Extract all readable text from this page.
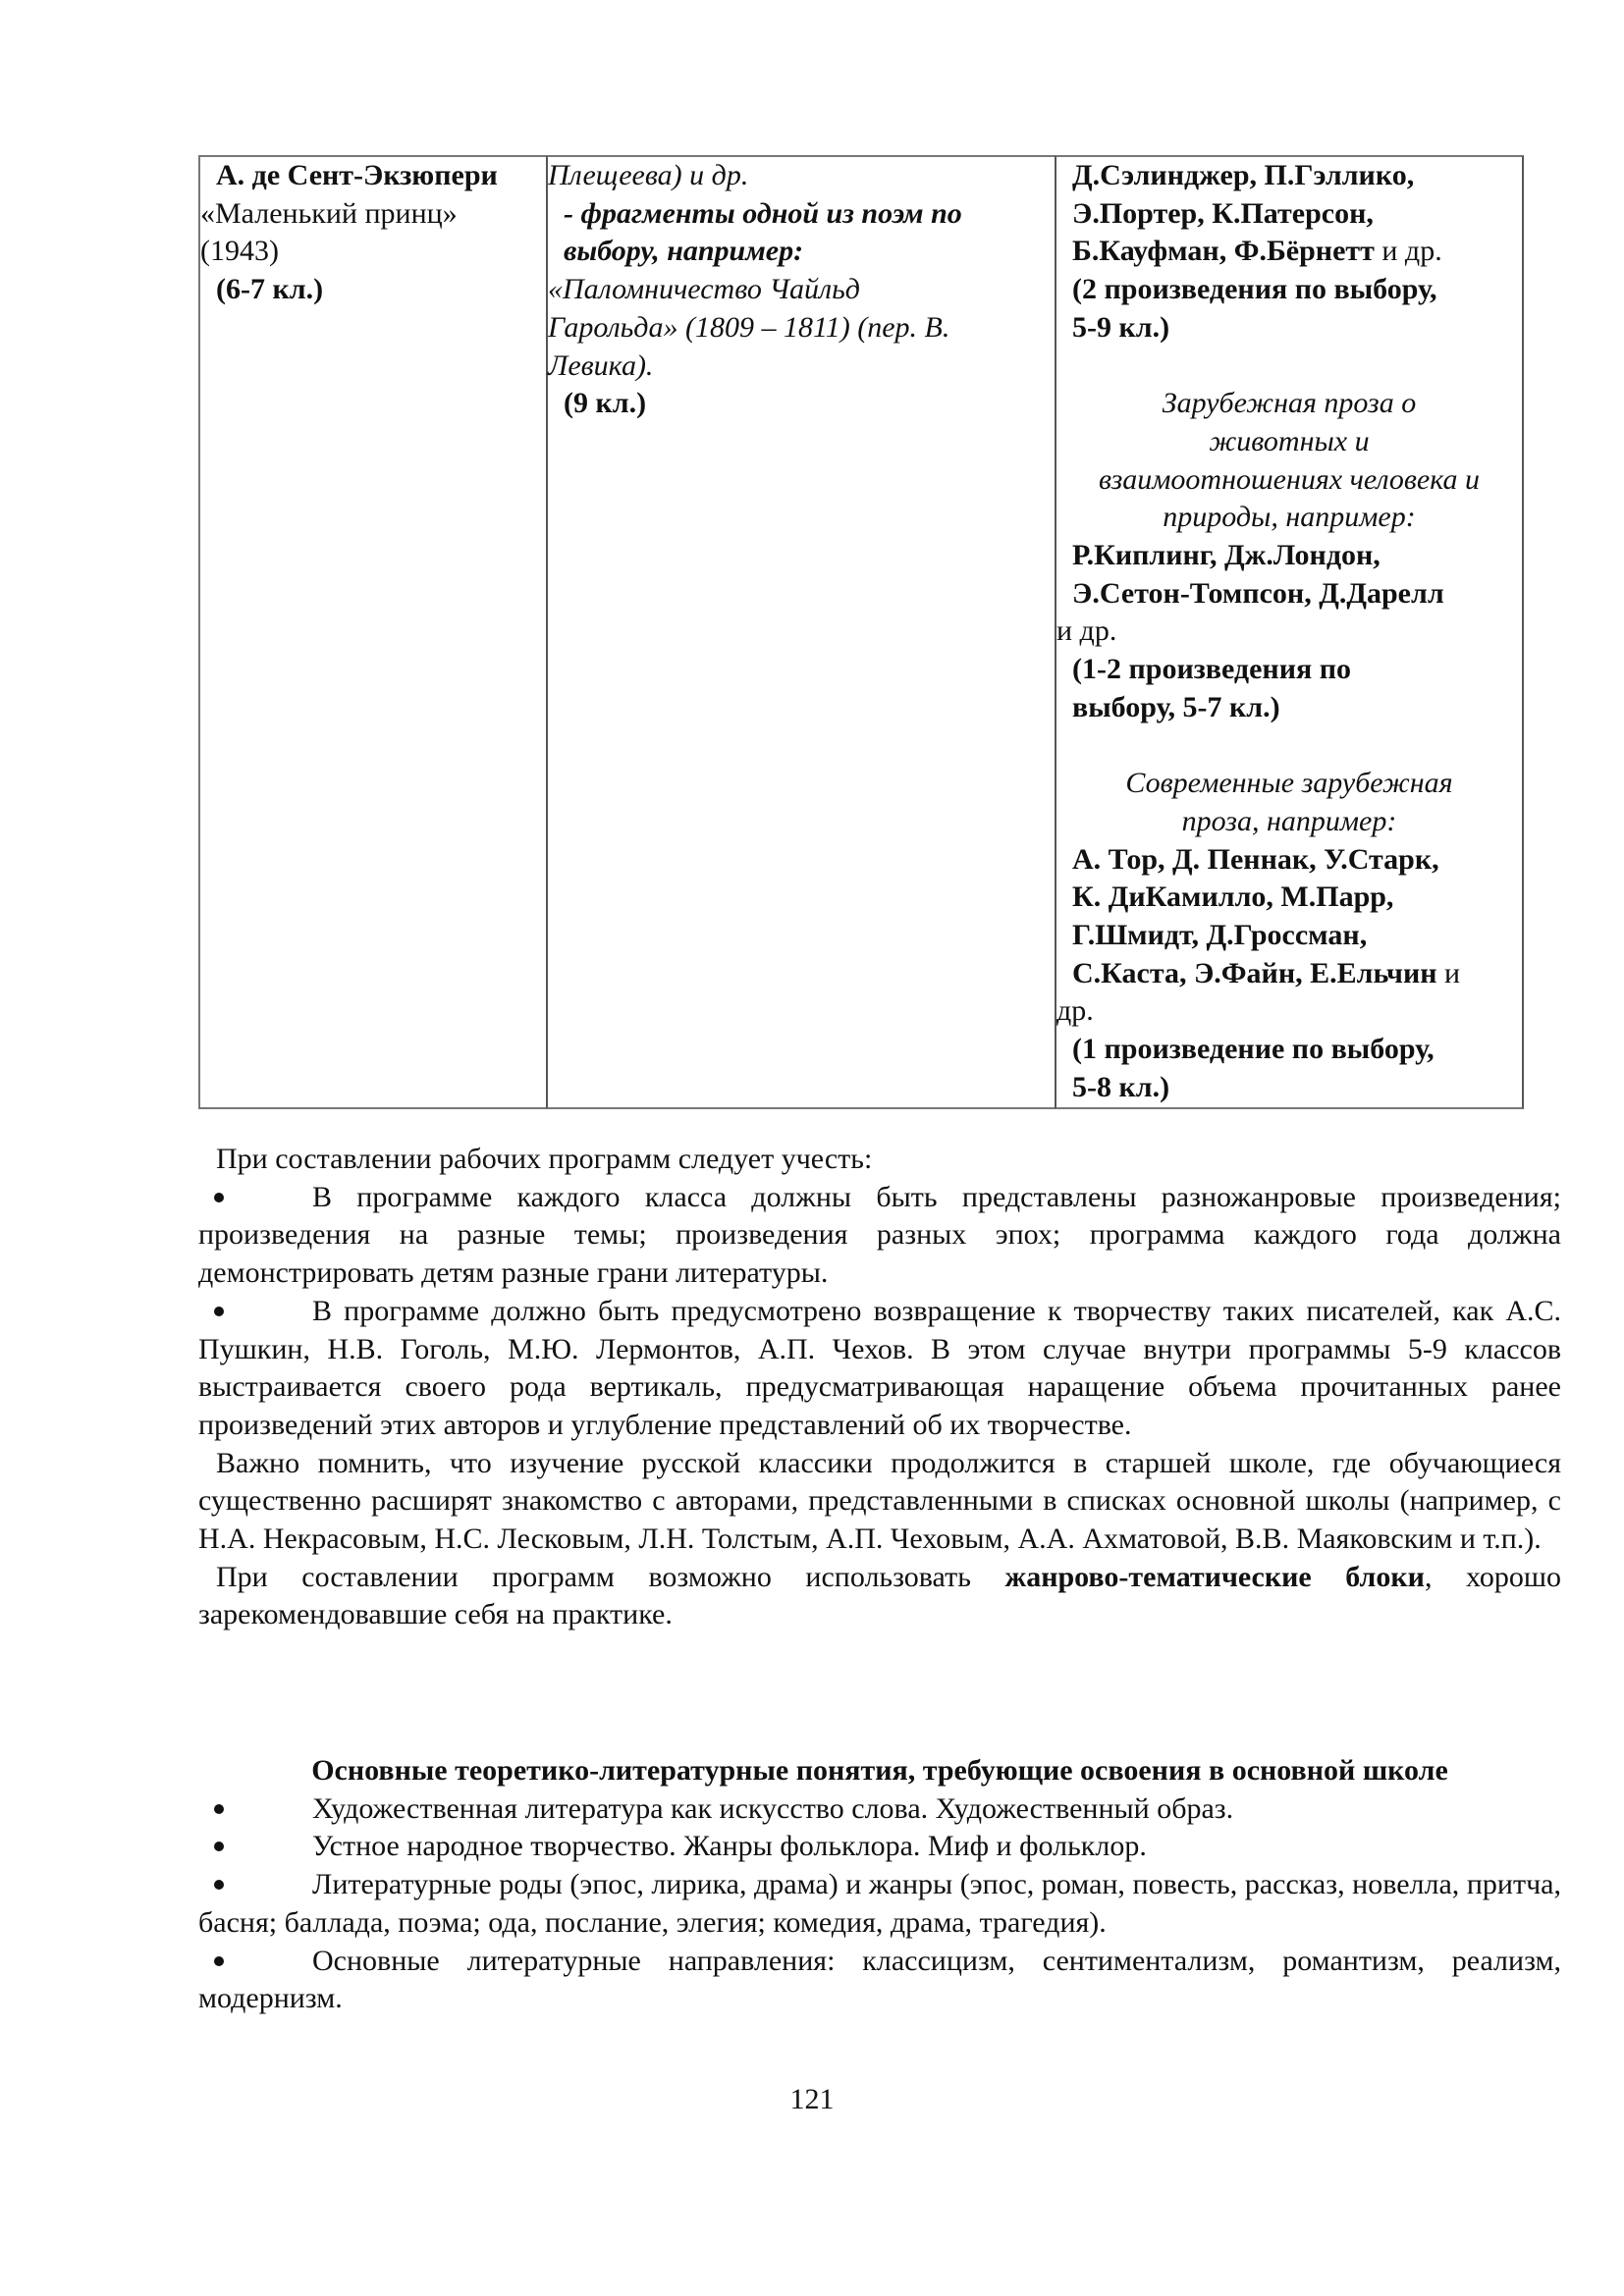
А. де Сент-Экзюпери
«Маленький принц»
(1943)
(6-7 кл.)
Плещеева) и др.
- фрагменты одной из поэм по
выбору, например:
«Паломничество Чайльд
Гарольда» (1809 – 1811) (пер. В.
Левика).
(9 кл.)
Д.Сэлинджер, П.Гэллико,
Э.Портер, К.Патерсон,
Б.Кауфман, Ф.Бёрнетт и др.
(2 произведения по выбору,
5-9 кл.)
Зарубежная проза о
животных и
взаимоотношениях человека и
природы, например:
Р.Киплинг, Дж.Лондон,
Э.Сетон-Томпсон, Д.Дарелл
и др.
(1-2 произведения по
выбору, 5-7 кл.)
Современные зарубежная
проза, например:
А. Тор, Д. Пеннак, У.Старк,
К. ДиКамилло, М.Парр,
Г.Шмидт, Д.Гроссман,
С.Каста, Э.Файн, Е.Ельчин и
др.
(1 произведение по выбору,
5-8 кл.)

При составлении рабочих программ следует учесть:

В программе каждого класса должны быть представлены разножанровые произведения; произведения на разные темы; произведения разных эпох; программа каждого года должна демонстрировать детям разные грани литературы.

В программе должно быть предусмотрено возвращение к творчеству таких писателей, как А.С. Пушкин, Н.В. Гоголь, М.Ю. Лермонтов, А.П. Чехов. В этом случае внутри программы 5-9 классов выстраивается своего рода вертикаль, предусматривающая наращение объема прочитанных ранее произведений этих авторов и углубление представлений об их творчестве.

Важно помнить, что изучение русской классики продолжится в старшей школе, где обучающиеся существенно расширят знакомство с авторами, представленными в списках основной школы (например, с Н.А. Некрасовым, Н.С. Лесковым, Л.Н. Толстым, А.П. Чеховым, А.А. Ахматовой, В.В. Маяковским и т.п.).

При составлении программ возможно использовать жанрово-тематические блоки, хорошо зарекомендовавшие себя на практике.

Основные теоретико-литературные понятия, требующие освоения в основной школе

Художественная литература как искусство слова. Художественный образ.

Устное народное творчество. Жанры фольклора. Миф и фольклор.

Литературные роды (эпос, лирика, драма) и жанры (эпос, роман, повесть, рассказ, новелла, притча, басня; баллада, поэма; ода, послание, элегия; комедия, драма, трагедия).

Основные литературные направления: классицизм, сентиментализм, романтизм, реализм, модернизм.

121
